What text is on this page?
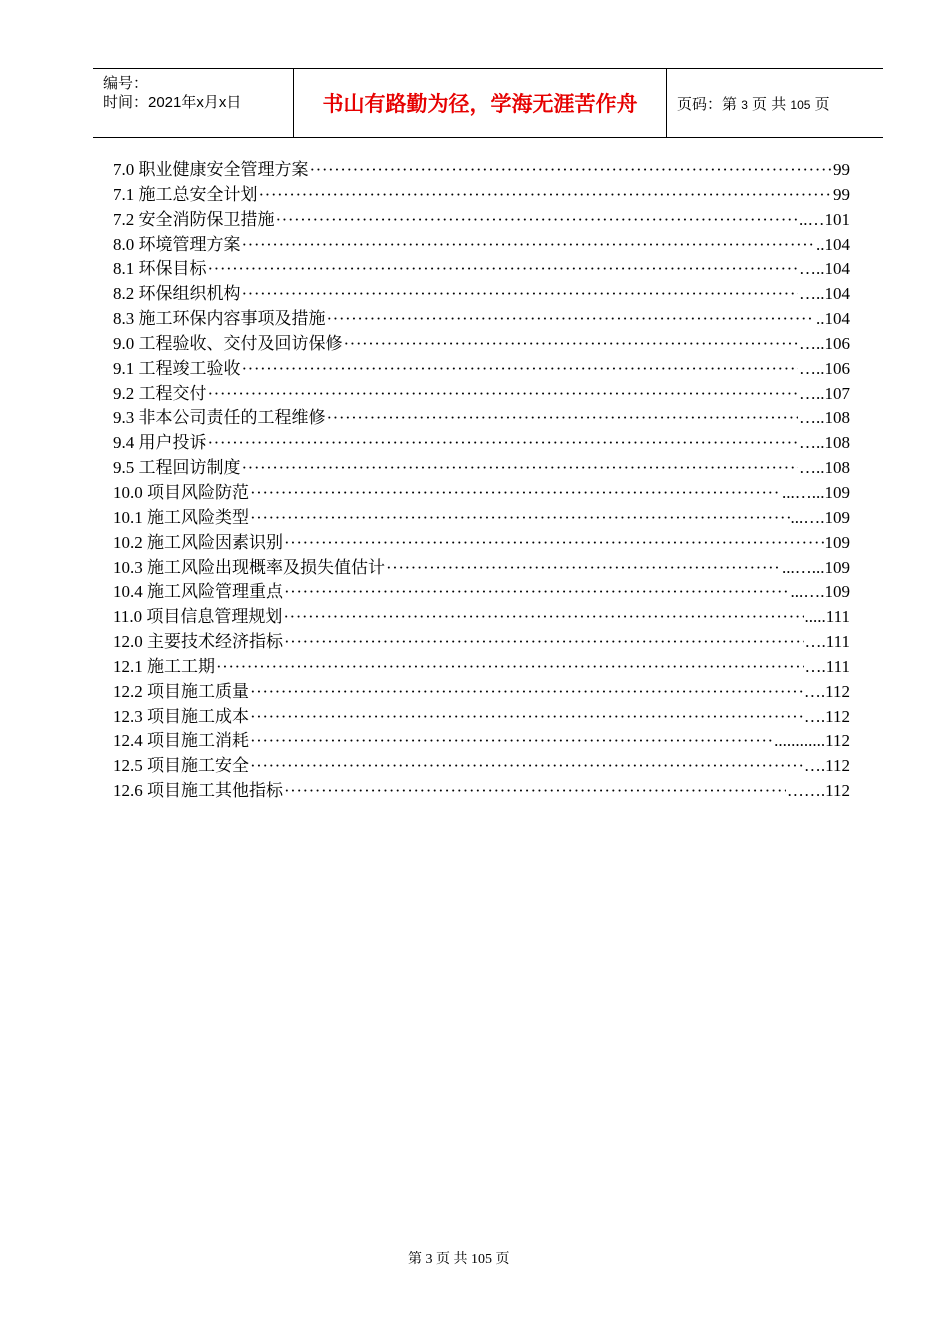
编号：
时间：2021年x月x日	书山有路勤为径，学海无涯苦作舟	页码：第 3 页 共 105 页
7.0 职业健康安全管理方案 ·····	99
7.1 施工总安全计划 ·····	99
7.2 安全消防保卫措施 ·····	..…101
8.0 环境管理方案 ·····	..104
8.1 环保目标 ·····	…..104
8.2 环保组织机构 ·····	…..104
8.3 施工环保内容事项及措施 ·····	..104
9.0 工程验收、交付及回访保修 ·····	…..106
9.1 工程竣工验收 ·····	…..106
9.2 工程交付 ·····	…..107
9.3 非本公司责任的工程维修 ·····	…..108
9.4 用户投诉 ·····	…..108
9.5 工程回访制度 ·····	…..108
10.0 项目风险防范 ·····	...…...109
10.1 施工风险类型 ·····	...….109
10.2 施工风险因素识别 ·····	109
10.3 施工风险出现概率及损失值估计 ·····	...…...109
10.4 施工风险管理重点 ·····	...….109
11.0 项目信息管理规划 ·····	.....111
12.0 主要技术经济指标 ·····	….111
12.1 施工工期 ·····	….111
12.2 项目施工质量 ·····	….112
12.3 项目施工成本 ·····	….112
12.4 项目施工消耗 ·····	............112
12.5 项目施工安全 ·····	….112
12.6 项目施工其他指标 ·····	…….112
第 3 页 共 105 页
